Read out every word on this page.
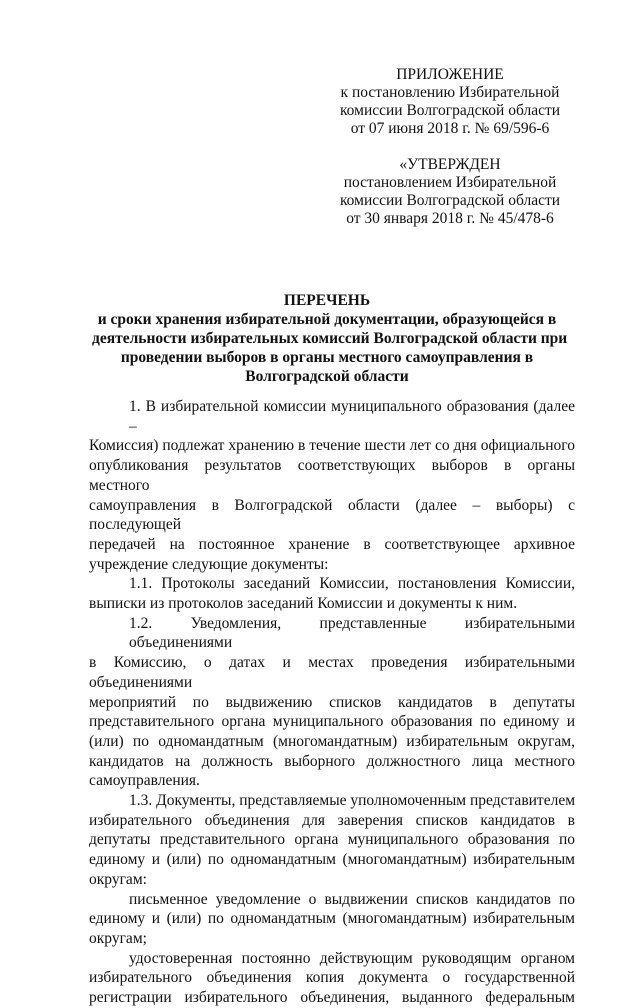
ПРИЛОЖЕНИЕ
к постановлению Избирательной
комиссии Волгоградской области
от 07 июня 2018 г. № 69/596-6
«УТВЕРЖДЕН
постановлением Избирательной
комиссии Волгоградской области
от 30 января 2018 г. № 45/478-6
ПЕРЕЧЕНЬ
и сроки хранения избирательной документации, образующейся в
деятельности избирательных комиссий Волгоградской области при
проведении выборов в органы местного самоуправления в
Волгоградской области
1. В избирательной комиссии муниципального образования (далее –
Комиссия) подлежат хранению в течение шести лет со дня официального
опубликования результатов соответствующих выборов в органы местного
самоуправления в Волгоградской области (далее – выборы) с последующей
передачей на постоянное хранение в соответствующее архивное
учреждение следующие документы:
1.1. Протоколы заседаний Комиссии, постановления Комиссии,
выписки из протоколов заседаний Комиссии и документы к ним.
1.2. Уведомления, представленные избирательными объединениями
в Комиссию, о датах и местах проведения избирательными объединениями
мероприятий по выдвижению списков кандидатов в депутаты
представительного органа муниципального образования по единому и
(или) по одномандатным (многомандатным) избирательным округам,
кандидатов на должность выборного должностного лица местного
самоуправления.
1.3. Документы, представляемые уполномоченным представителем
избирательного объединения для заверения списков кандидатов в
депутаты представительного органа муниципального образования по
единому и (или) по одномандатным (многомандатным) избирательным
округам:
письменное уведомление о выдвижении списков кандидатов по
единому и (или) по одномандатным (многомандатным) избирательным
округам;
удостоверенная постоянно действующим руководящим органом
избирательного объединения копия документа о государственной
регистрации избирательного объединения, выданного федеральным
